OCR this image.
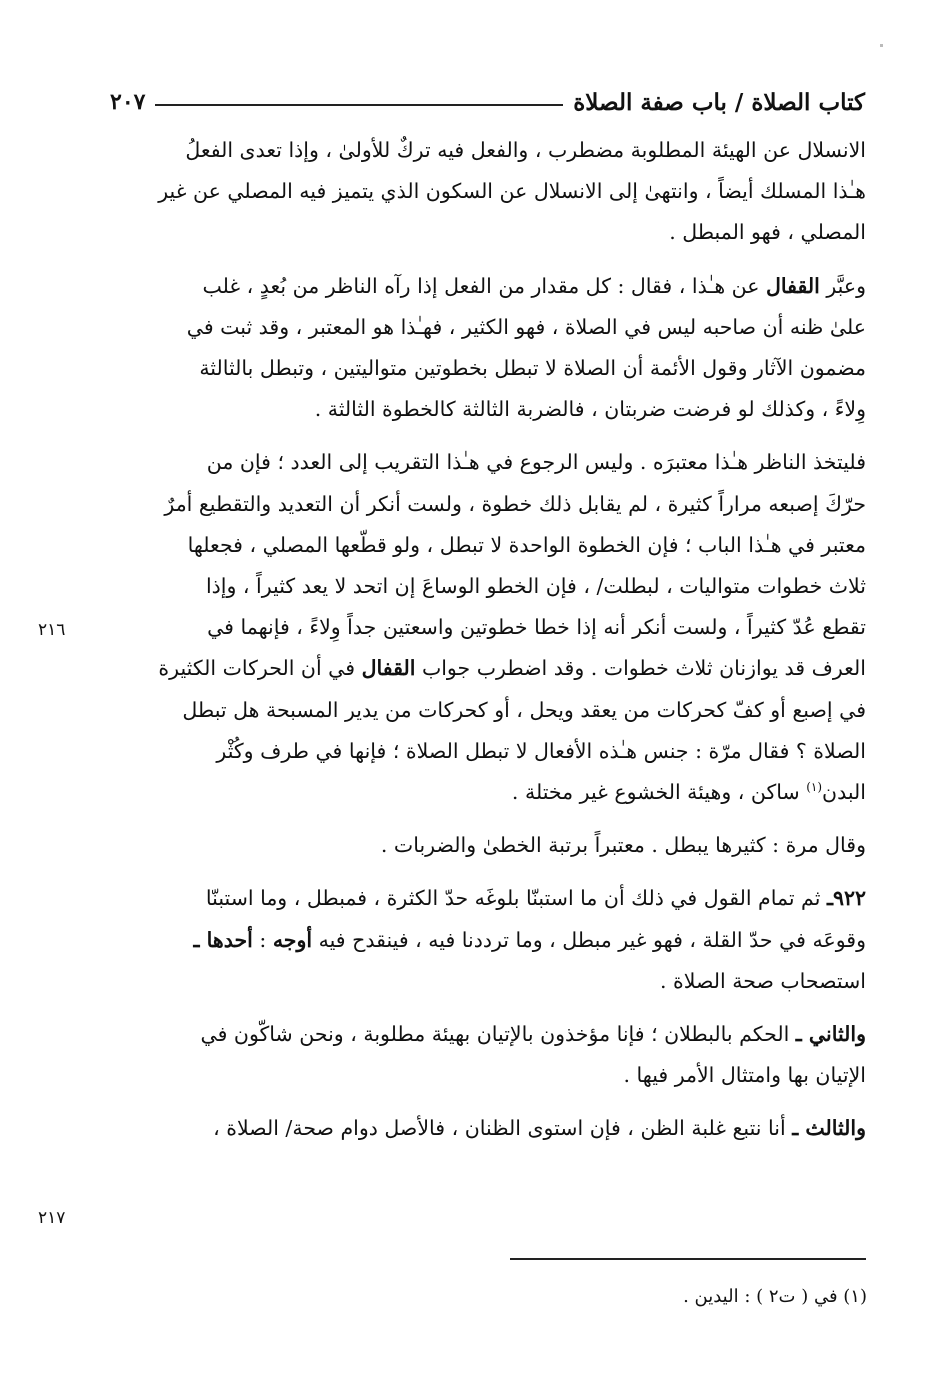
كتاب الصلاة / باب صفة الصلاة
٢٠٧

الانسلال عن الهيئة المطلوبة مضطرب ، والفعل فيه تركٌ للأولىٰ ، وإذا تعدى الفعلُ
هـٰذا المسلك أيضاً ، وانتهىٰ إلى الانسلال عن السكون الذي يتميز فيه المصلي عن غير
المصلي ، فهو المبطل .

وعبَّر القفال عن هـٰذا ، فقال : كل مقدار من الفعل إذا رآه الناظر من بُعدٍ ، غلب
علىٰ ظنه أن صاحبه ليس في الصلاة ، فهو الكثير ، فهـٰذا هو المعتبر ، وقد ثبت في
مضمون الآثار وقول الأئمة أن الصلاة لا تبطل بخطوتين متواليتين ، وتبطل بالثالثة
وِلاءً ، وكذلك لو فرضت ضربتان ، فالضربة الثالثة كالخطوة الثالثة .

فليتخذ الناظر هـٰذا معتبرَه . وليس الرجوع في هـٰذا التقريب إلى العدد ؛ فإن من
حرّكَ إصبعه مراراً كثيرة ، لم يقابل ذلك خطوة ، ولست أنكر أن التعديد والتقطيع أمرٌ
معتبر في هـٰذا الباب ؛ فإن الخطوة الواحدة لا تبطل ، ولو قطّعها المصلي ، فجعلها
ثلاث خطوات متواليات ، لبطلت/ ، فإن الخطو الوساعَ إن اتحد لا يعد كثيراً ، وإذا
تقطع عُدّ كثيراً ، ولست أنكر أنه إذا خطا خطوتين واسعتين جداً وِلاءً ، فإنهما في
العرف قد يوازنان ثلاث خطوات . وقد اضطرب جواب القفال في أن الحركات الكثيرة
في إصبع أو كفّ كحركات من يعقد ويحل ، أو كحركات من يدير المسبحة هل تبطل
الصلاة ؟ فقال مرّة : جنس هـٰذه الأفعال لا تبطل الصلاة ؛ فإنها في طرف وكُثْر
البدن$^{(١)}$ ساكن ، وهيئة الخشوع غير مختلة .

وقال مرة : كثيرها يبطل . معتبراً برتبة الخطىٰ والضربات .

٩٢٢ـ ثم تمام القول في ذلك أن ما استبنّا بلوغَه حدّ الكثرة ، فمبطل ، وما استبنّا
وقوعَه في حدّ القلة ، فهو غير مبطل ، وما ترددنا فيه ، فينقدح فيه أوجه : أحدها ـ
استصحاب صحة الصلاة .

والثاني ـ الحكم بالبطلان ؛ فإنا مؤخذون بالإتيان بهيئة مطلوبة ، ونحن شاكّون في
الإتيان بها وامتثال الأمر فيها .

والثالث ـ أنا نتبع غلبة الظن ، فإن استوى الظنان ، فالأصل دوام صحة/ الصلاة ،

٢١٦
٢١٧
(١) في ( ت٢ ) : اليدين .
